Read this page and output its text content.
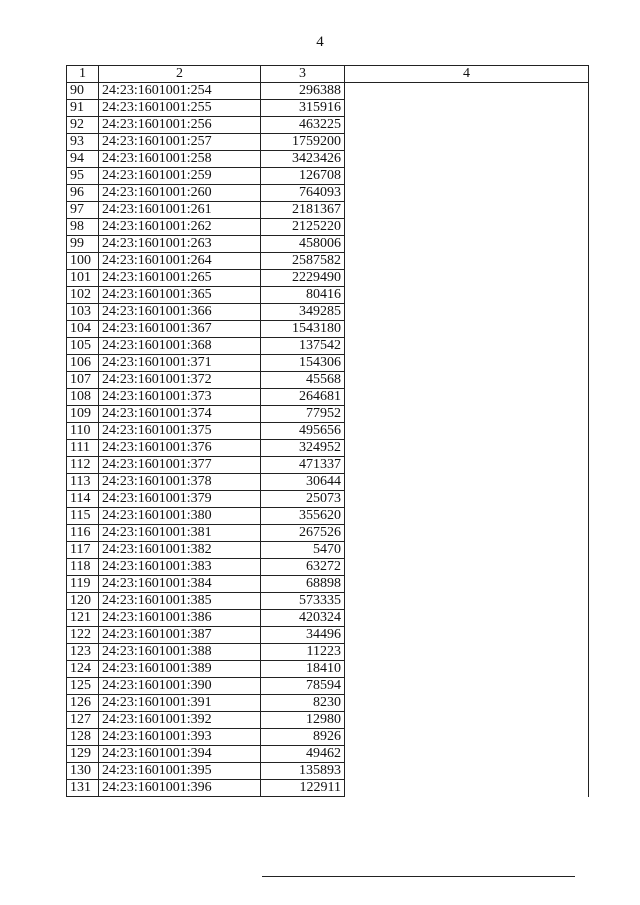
4
1	2	3	4
90	24:23:1601001:254	296388	
91	24:23:1601001:255	315916	
92	24:23:1601001:256	463225	
93	24:23:1601001:257	1759200	
94	24:23:1601001:258	3423426	
95	24:23:1601001:259	126708	
96	24:23:1601001:260	764093	
97	24:23:1601001:261	2181367	
98	24:23:1601001:262	2125220	
99	24:23:1601001:263	458006	
100	24:23:1601001:264	2587582	
101	24:23:1601001:265	2229490	
102	24:23:1601001:365	80416	
103	24:23:1601001:366	349285	
104	24:23:1601001:367	1543180	
105	24:23:1601001:368	137542	
106	24:23:1601001:371	154306	
107	24:23:1601001:372	45568	
108	24:23:1601001:373	264681	
109	24:23:1601001:374	77952	
110	24:23:1601001:375	495656	
111	24:23:1601001:376	324952	
112	24:23:1601001:377	471337	
113	24:23:1601001:378	30644	
114	24:23:1601001:379	25073	
115	24:23:1601001:380	355620	
116	24:23:1601001:381	267526	
117	24:23:1601001:382	5470	
118	24:23:1601001:383	63272	
119	24:23:1601001:384	68898	
120	24:23:1601001:385	573335	
121	24:23:1601001:386	420324	
122	24:23:1601001:387	34496	
123	24:23:1601001:388	11223	
124	24:23:1601001:389	18410	
125	24:23:1601001:390	78594	
126	24:23:1601001:391	8230	
127	24:23:1601001:392	12980	
128	24:23:1601001:393	8926	
129	24:23:1601001:394	49462	
130	24:23:1601001:395	135893	
131	24:23:1601001:396	122911	
